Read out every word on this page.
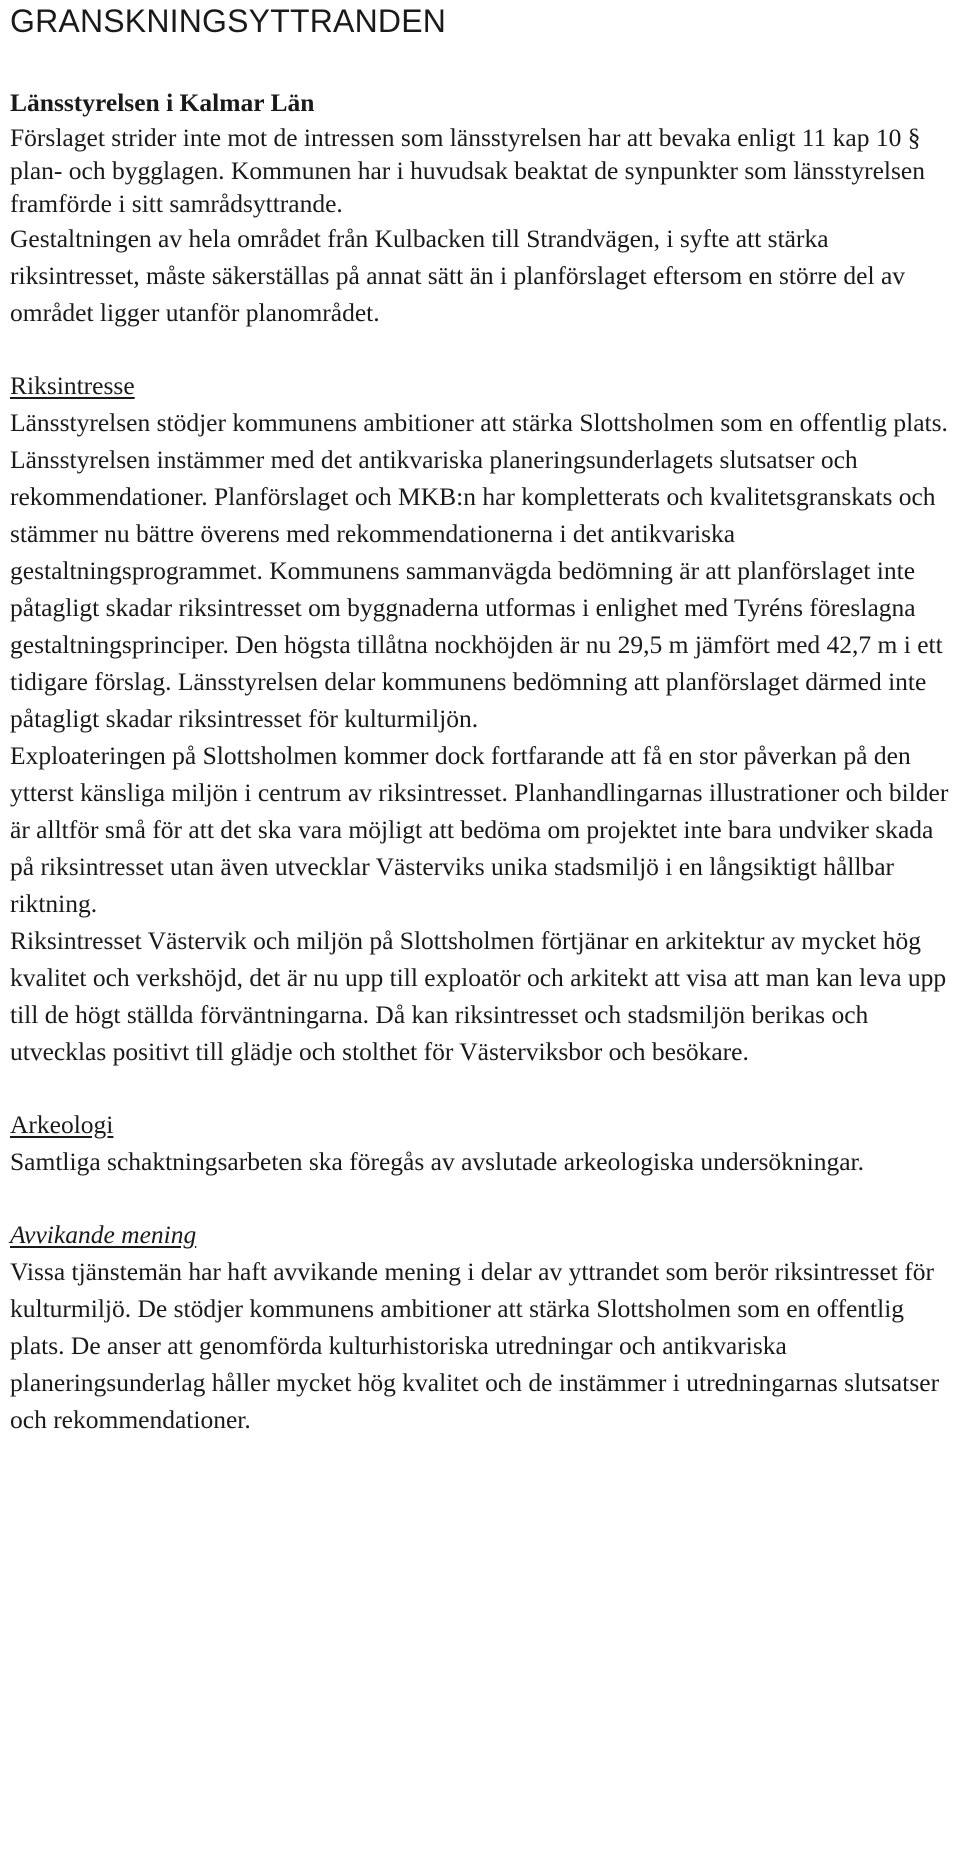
GRANSKNINGSYTTRANDEN
Länsstyrelsen i Kalmar Län
Förslaget strider inte mot de intressen som länsstyrelsen har att bevaka enligt 11 kap 10 § plan- och bygglagen. Kommunen har i huvudsak beaktat de synpunkter som länsstyrelsen framförde i sitt samrådsyttrande.

Gestaltningen av hela området från Kulbacken till Strandvägen, i syfte att stärka riksintresset, måste säkerställas på annat sätt än i planförslaget eftersom en större del av området ligger utanför planområdet.

Riksintresse
Länsstyrelsen stödjer kommunens ambitioner att stärka Slottsholmen som en offentlig plats. Länsstyrelsen instämmer med det antikvariska planeringsunderlagets slutsatser och rekommendationer. Planförslaget och MKB:n har kompletterats och kvalitetsgranskats och stämmer nu bättre överens med rekommendationerna i det antikvariska gestaltningsprogrammet. Kommunens sammanvägda bedömning är att planförslaget inte påtagligt skadar riksintresset om byggnaderna utformas i enlighet med Tyréns föreslagna gestaltningsprinciper. Den högsta tillåtna nockhöjden är nu 29,5 m jämfört med 42,7 m i ett tidigare förslag. Länsstyrelsen delar kommunens bedömning att planförslaget därmed inte påtagligt skadar riksintresset för kulturmiljön.

Exploateringen på Slottsholmen kommer dock fortfarande att få en stor påverkan på den ytterst känsliga miljön i centrum av riksintresset. Planhandlingarnas illustrationer och bilder är alltför små för att det ska vara möjligt att bedöma om projektet inte bara undviker skada på riksintresset utan även utvecklar Västerviks unika stadsmiljö i en långsiktigt hållbar riktning.

Riksintresset Västervik och miljön på Slottsholmen förtjänar en arkitektur av mycket hög kvalitet och verkshöjd, det är nu upp till exploatör och arkitekt att visa att man kan leva upp till de högt ställda förväntningarna. Då kan riksintresset och stadsmiljön berikas och utvecklas positivt till glädje och stolthet för Västerviksbor och besökare.

Arkeologi
Samtliga schaktningsarbeten ska föregås av avslutade arkeologiska undersökningar.
Avvikande mening
Vissa tjänstemän har haft avvikande mening i delar av yttrandet som berör riksintresset för kulturmiljö. De stödjer kommunens ambitioner att stärka Slottsholmen som en offentlig plats. De anser att genomförda kulturhistoriska utredningar och antikvariska planeringsunderlag håller mycket hög kvalitet och de instämmer i utredningarnas slutsatser och rekommendationer.
